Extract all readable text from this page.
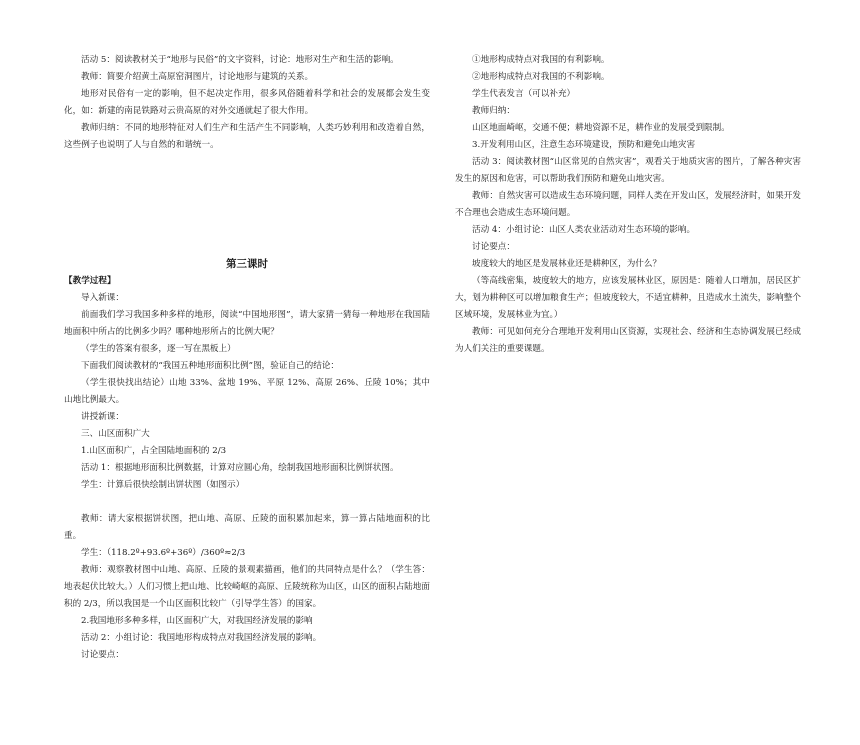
活动 5：阅读教材关于“地形与民俗”的文字资料，讨论：地形对生产和生活的影响。

教师：简要介绍黄土高原窑洞图片，讨论地形与建筑的关系。

地形对民俗有一定的影响，但不起决定作用，很多风俗随着科学和社会的发展都会发生变化，如：新建的南昆铁路对云贵高原的对外交通就起了很大作用。

教师归纳：不同的地形特征对人们生产和生活产生不同影响，人类巧妙利用和改造着自然，这些例子也说明了人与自然的和谐统一。

第三课时

【教学过程】

导入新课：

前面我们学习我国多种多样的地形，阅读“中国地形图”，请大家猜一猜每一种地形在我国陆地面积中所占的比例多少吗？哪种地形所占的比例大呢？

（学生的答案有很多，逐一写在黑板上）

下面我们阅读教材的“我国五种地形面积比例”图，验证自己的结论：

（学生很快找出结论）山地 33%、盆地 19%、平原 12%、高原 26%、丘陵 10%；其中山地比例最大。

讲授新课：

三、山区面积广大

1.山区面积广，占全国陆地面积的 2/3

活动 1：根据地形面积比例数据，计算对应圆心角，绘制我国地形面积比例饼状图。

学生：计算后很快绘制出饼状图（如图示）

教师：请大家根据饼状图，把山地、高原、丘陵的面积累加起来，算一算占陆地面积的比重。

学生：（118.2º+93.6º+36º）/360º≈2/3

教师：观察教材图中山地、高原、丘陵的景观素描画，他们的共同特点是什么？（学生答：地表起伏比较大。）人们习惯上把山地、比较崎岖的高原、丘陵统称为山区，山区的面积占陆地面积的 2/3，所以我国是一个山区面积比较广（引导学生答）的国家。

2.我国地形多种多样，山区面积广大，对我国经济发展的影响

活动 2：小组讨论：我国地形构成特点对我国经济发展的影响。

讨论要点：

①地形构成特点对我国的有利影响。

②地形构成特点对我国的不利影响。

学生代表发言（可以补充）

教师归纳：

山区地面崎岖，交通不便；耕地资源不足，耕作业的发展受到限制。

3.开发利用山区，注意生态环境建设，预防和避免山地灾害

活动 3：阅读教材图“山区常见的自然灾害”，观看关于地质灾害的图片，了解各种灾害发生的原因和危害，可以帮助我们预防和避免山地灾害。

教师：自然灾害可以造成生态环境问题，同样人类在开发山区，发展经济时，如果开发不合理也会造成生态环境问题。

活动 4：小组讨论：山区人类农业活动对生态环境的影响。

讨论要点：

坡度较大的地区是发展林业还是耕种区，为什么？

（等高线密集，坡度较大的地方，应该发展林业区，原因是：随着人口增加，居民区扩大，划为耕种区可以增加粮食生产；但坡度较大，不适宜耕种，且造成水土流失，影响整个区域环境，发展林业为宜。）

教师：可见如何充分合理地开发利用山区资源，实现社会、经济和生态协调发展已经成为人们关注的重要课题。
